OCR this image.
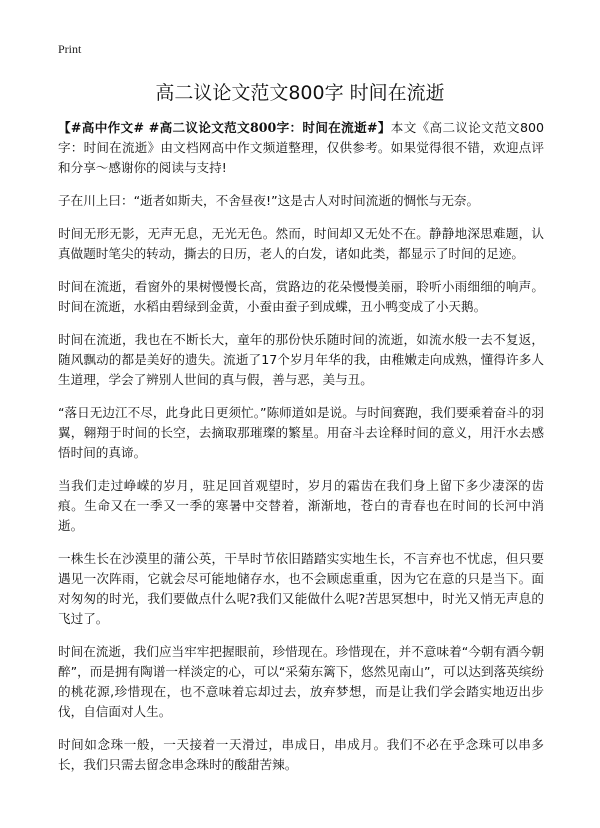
Print
高二议论文范文800字 时间在流逝

【#高中作文# #高二议论文范文800字：时间在流逝#】本文《高二议论文范文800字：时间在流逝》由文档网高中作文频道整理，仅供参考。如果觉得很不错，欢迎点评和分享～感谢你的阅读与支持!

子在川上曰：“逝者如斯夫，不舍昼夜!”这是古人对时间流逝的惆怅与无奈。

时间无形无影，无声无息，无光无色。然而，时间却又无处不在。静静地深思难题，认真做题时笔尖的转动，撕去的日历，老人的白发，诸如此类，都显示了时间的足迹。

时间在流逝，看窗外的果树慢慢长高，赏路边的花朵慢慢美丽，聆听小雨细细的响声。时间在流逝，水稻由碧绿到金黄，小蚕由蚕子到成蝶，丑小鸭变成了小天鹅。

时间在流逝，我也在不断长大，童年的那份快乐随时间的流逝，如流水般一去不复返，随风飘动的都是美好的遗失。流逝了17个岁月年华的我，由稚嫩走向成熟，懂得许多人生道理，学会了辨别人世间的真与假，善与恶，美与丑。

“落日无边江不尽，此身此日更须忙。”陈师道如是说。与时间赛跑，我们要乘着奋斗的羽翼，翱翔于时间的长空，去摘取那璀璨的繁星。用奋斗去诠释时间的意义，用汗水去感悟时间的真谛。

当我们走过峥嵘的岁月，驻足回首观望时，岁月的霜齿在我们身上留下多少凄深的齿痕。生命又在一季又一季的寒暑中交替着，渐渐地，苍白的青春也在时间的长河中消逝。

一株生长在沙漠里的蒲公英，干旱时节依旧踏踏实实地生长，不言弃也不忧虑，但只要遇见一次阵雨，它就会尽可能地储存水，也不会顾虑重重，因为它在意的只是当下。面对匆匆的时光，我们要做点什么呢?我们又能做什么呢?苦思冥想中，时光又悄无声息的飞过了。

时间在流逝，我们应当牢牢把握眼前，珍惜现在。珍惜现在，并不意味着“今朝有酒今朝醉”，而是拥有陶谱一样淡定的心，可以“采菊东篱下，悠然见南山”，可以达到落英缤纷的桃花源,珍惜现在，也不意味着忘却过去，放弃梦想，而是让我们学会踏实地迈出步伐，自信面对人生。

时间如念珠一般，一天接着一天滑过，串成日，串成月。我们不必在乎念珠可以串多长，我们只需去留念串念珠时的酸甜苦辣。
